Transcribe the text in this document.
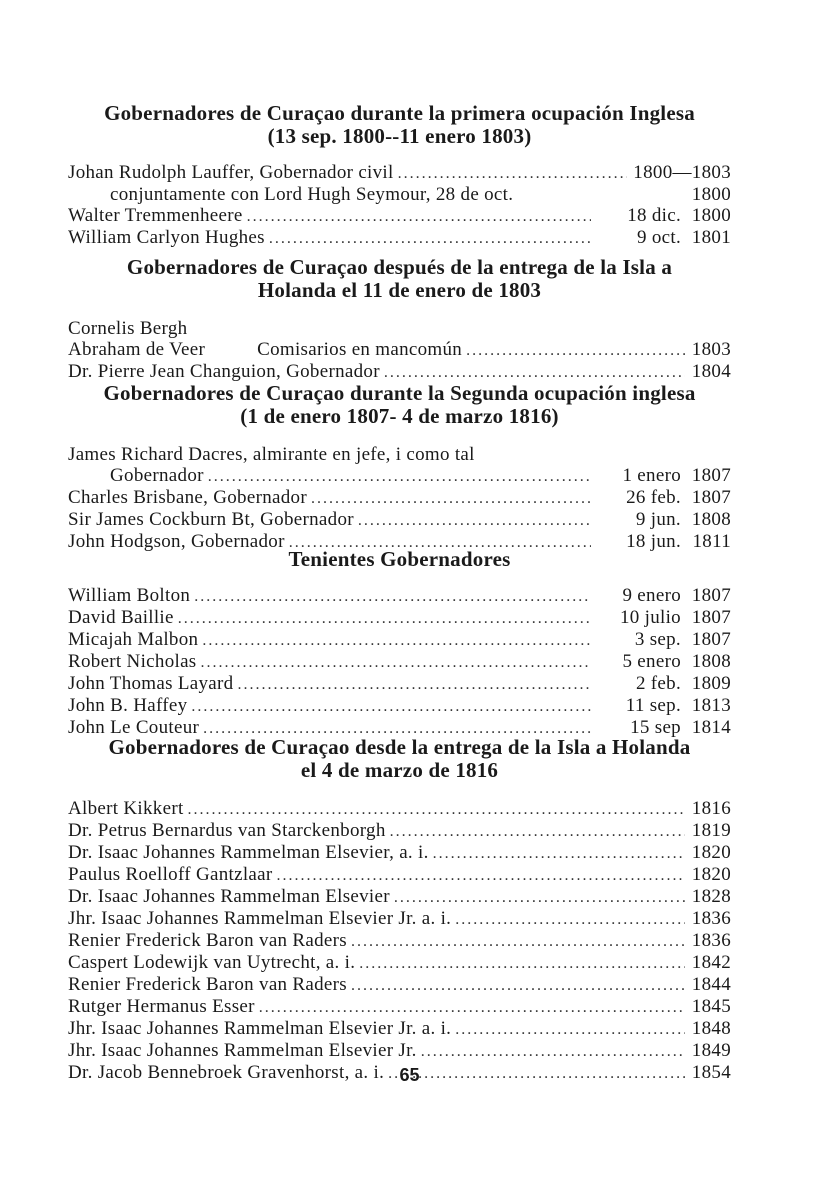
Gobernadores de Curaçao durante la primera ocupación Inglesa
(13 sep. 1800--11 enero 1803)
Johan Rudolph Lauffer, Gobernador civil .....	1800—1803
conjuntamente con Lord Hugh Seymour, 28 de oct.	1800
Walter Tremmenheere .....	18 dic. 1800
William Carlyon Hughes .....	9 oct. 1801
Gobernadores de Curaçao después de la entrega de la Isla a
Holanda el 11 de enero de 1803
Cornelis Bergh
Abraham de Veer	Comisarios en mancomún .....	1803
Dr. Pierre Jean Changuion, Gobernador .....	1804
Gobernadores de Curaçao durante la Segunda ocupación inglesa
(1 de enero 1807- 4 de marzo 1816)
James Richard Dacres, almirante en jefe, i como tal
Gobernador .....	1 enero 1807
Charles Brisbane, Gobernador .....	26 feb. 1807
Sir James Cockburn Bt, Gobernador .....	9 jun. 1808
John Hodgson, Gobernador .....	18 jun. 1811
Tenientes Gobernadores
William Bolton .....	9 enero 1807
David Baillie .....	10 julio 1807
Micajah Malbon .....	3 sep. 1807
Robert Nicholas .....	5 enero 1808
John Thomas Layard .....	2 feb. 1809
John B. Haffey .....	11 sep. 1813
John Le Couteur .....	15 sep 1814
Gobernadores de Curaçao desde la entrega de la Isla a Holanda
el 4 de marzo de 1816
Albert Kikkert .....	1816
Dr. Petrus Bernardus van Starckenborgh .....	1819
Dr. Isaac Johannes Rammelman Elsevier, a. i. .....	1820
Paulus Roelloff Gantzlaar .....	1820
Dr. Isaac Johannes Rammelman Elsevier .....	1828
Jhr. Isaac Johannes Rammelman Elsevier Jr. a. i. .....	1836
Renier Frederick Baron van Raders .....	1836
Caspert Lodewijk van Uytrecht, a. i. .....	1842
Renier Frederick Baron van Raders .....	1844
Rutger Hermanus Esser .....	1845
Jhr. Isaac Johannes Rammelman Elsevier Jr. a. i. .....	1848
Jhr. Isaac Johannes Rammelman Elsevier Jr. .....	1849
Dr. Jacob Bennebroek Gravenhorst, a. i. .....	1854
65
